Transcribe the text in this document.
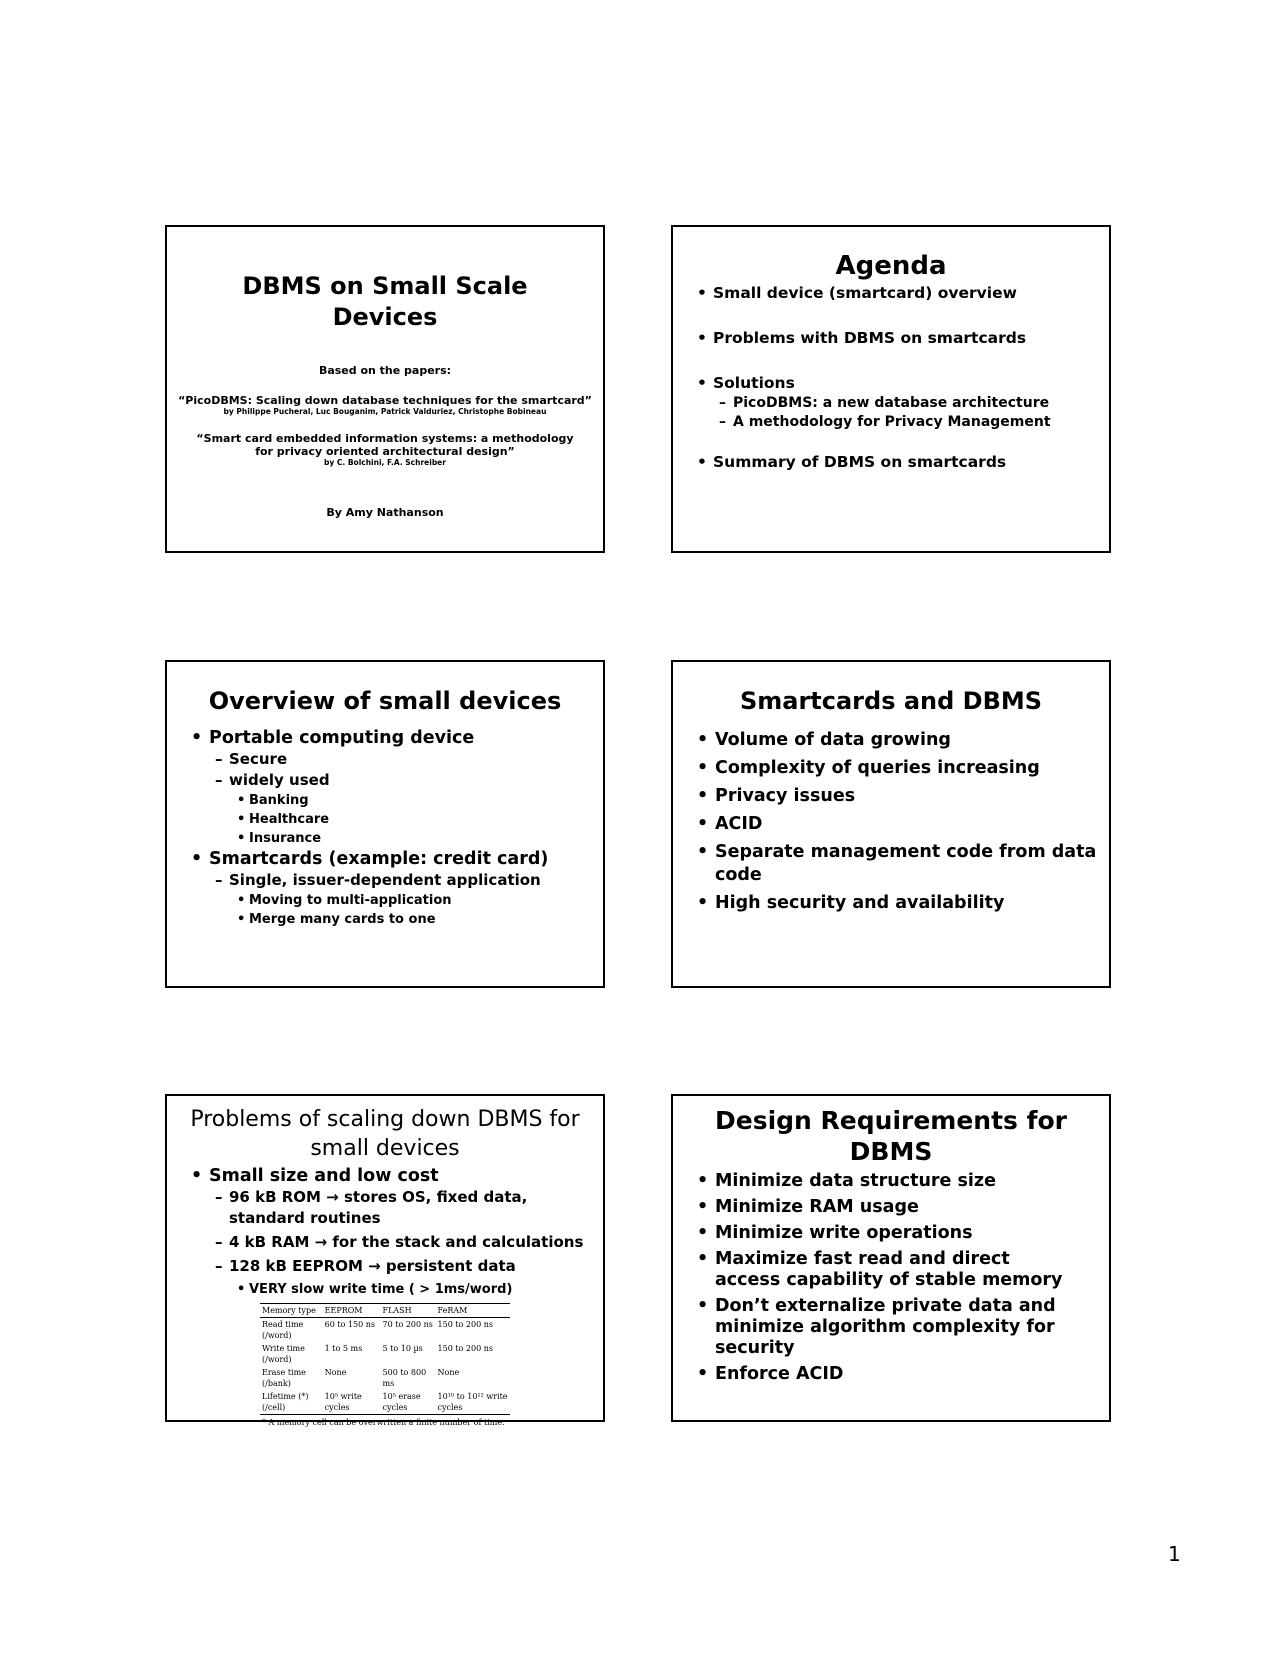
DBMS on Small Scale Devices
Based on the papers:
“PicoDBMS: Scaling down database techniques for the smartcard”
by Philippe Pucheral, Luc Bouganim, Patrick Valduriez, Christophe Bobineau
“Smart card embedded information systems: a methodology for privacy oriented architectural design”
by C. Bolchini, F.A. Schreiber
By Amy Nathanson
Agenda
• Small device (smartcard) overview
• Problems with DBMS on smartcards
• Solutions
– PicoDBMS: a new database architecture
– A methodology for Privacy Management
• Summary of DBMS on smartcards
Overview of small devices
• Portable computing device
– Secure
– widely used
• Banking
• Healthcare
• Insurance
• Smartcards (example: credit card)
– Single, issuer-dependent application
• Moving to multi-application
• Merge many cards to one
Smartcards and DBMS
• Volume of data growing
• Complexity of queries increasing
• Privacy issues
• ACID
• Separate management code from data code
• High security and availability
Problems of scaling down DBMS for small devices
• Small size and low cost
– 96 kB ROM → stores OS, fixed data, standard routines
– 4 kB RAM → for the stack and calculations
– 128 kB EEPROM → persistent data
• VERY slow write time ( > 1ms/word)
Memory type	EEPROM	FLASH	FeRAM
Read time (/word)	60 to 150 ns	70 to 200 ns	150 to 200 ns
Write time (/word)	1 to 5 ms	5 to 10 µs	150 to 200 ns
Erase time (/bank)	None	500 to 800 ms	None
Lifetime (*) (/cell)	10⁵ write cycles	10⁵ erase cycles	10¹⁰ to 10¹² write cycles
* A memory cell can be overwritten a finite number of time.
Design Requirements for DBMS
• Minimize data structure size
• Minimize RAM usage
• Minimize write operations
• Maximize fast read and direct access capability of stable memory
• Don’t externalize private data and minimize algorithm complexity for security
• Enforce ACID
1
